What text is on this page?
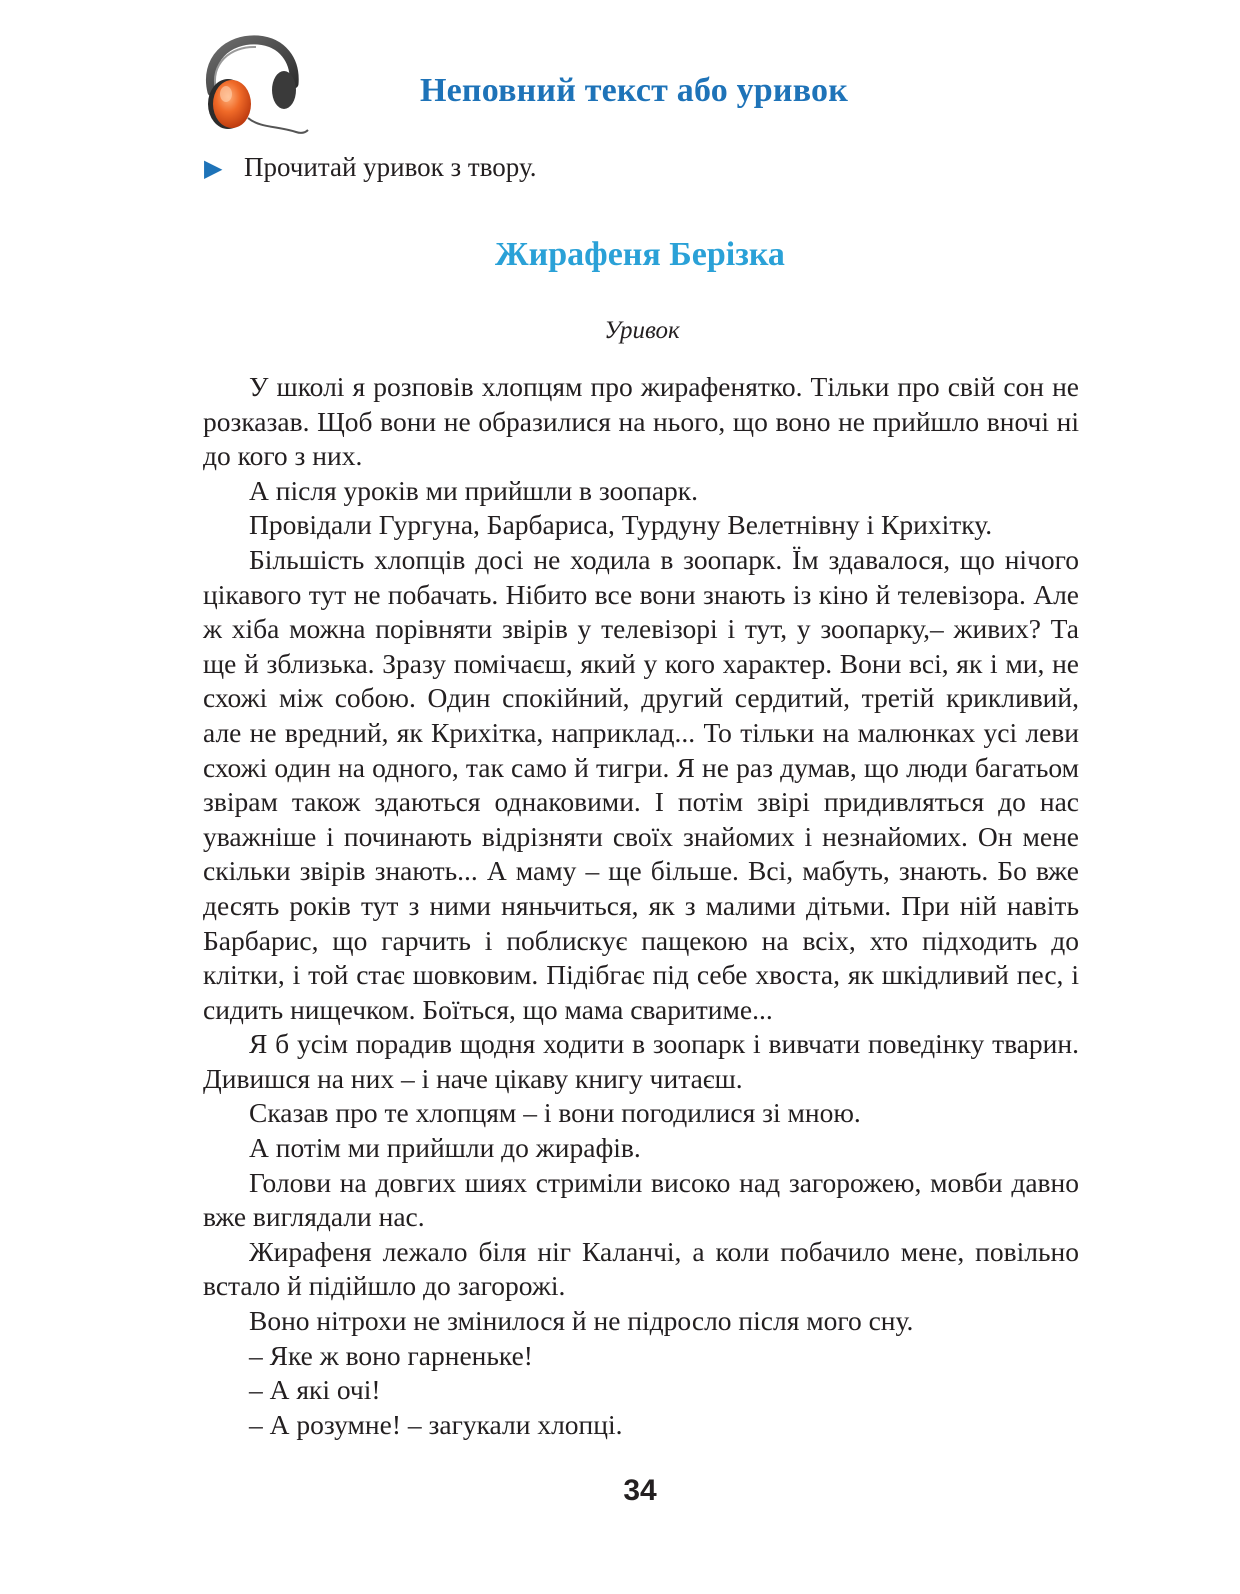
Неповний текст або уривок
▶ Прочитай уривок з твору.
Жирафеня Берізка
Уривок

У школі я розповів хлопцям про жирафенятко. Тільки про свій сон не розказав. Щоб вони не образилися на нього, що воно не прийшло вночі ні до кого з них.

А після уроків ми прийшли в зоопарк.

Провідали Гургуна, Барбариса, Турдуну Велетнівну і Крихітку.

Більшість хлопців досі не ходила в зоопарк. Їм здавалося, що нічого цікавого тут не побачать. Нібито все вони знають із кіно й телевізора. Але ж хіба можна порівняти звірів у телевізорі і тут, у зоопарку,– живих? Та ще й зблизька. Зразу помічаєш, який у кого характер. Вони всі, як і ми, не схожі між собою. Один спокійний, другий сердитий, третій крикливий, але не вредний, як Крихітка, наприклад... То тільки на малюнках усі леви схожі один на одного, так само й тигри. Я не раз думав, що люди багатьом звірам також здаються однаковими. І потім звірі придивляться до нас уважніше і починають відрізняти своїх знайомих і незнайомих. Он мене скільки звірів знають... А маму – ще більше. Всі, мабуть, знають. Бо вже десять років тут з ними няньчиться, як з малими дітьми. При ній навіть Барбарис, що гарчить і поблискує пащекою на всіх, хто підходить до клітки, і той стає шовковим. Підібгає під себе хвоста, як шкідливий пес, і сидить нищечком. Боїться, що мама сваритиме...

Я б усім порадив щодня ходити в зоопарк і вивчати поведінку тварин. Дивишся на них – і наче цікаву книгу читаєш.

Сказав про те хлопцям – і вони погодилися зі мною.

А потім ми прийшли до жирафів.

Голови на довгих шиях стриміли високо над загорожею, мовби давно вже виглядали нас.

Жирафеня лежало біля ніг Каланчі, а коли побачило мене, повільно встало й підійшло до загорожі.

Воно нітрохи не змінилося й не підросло після мого сну.

– Яке ж воно гарненьке!

– А які очі!

– А розумне! – загукали хлопці.

34
